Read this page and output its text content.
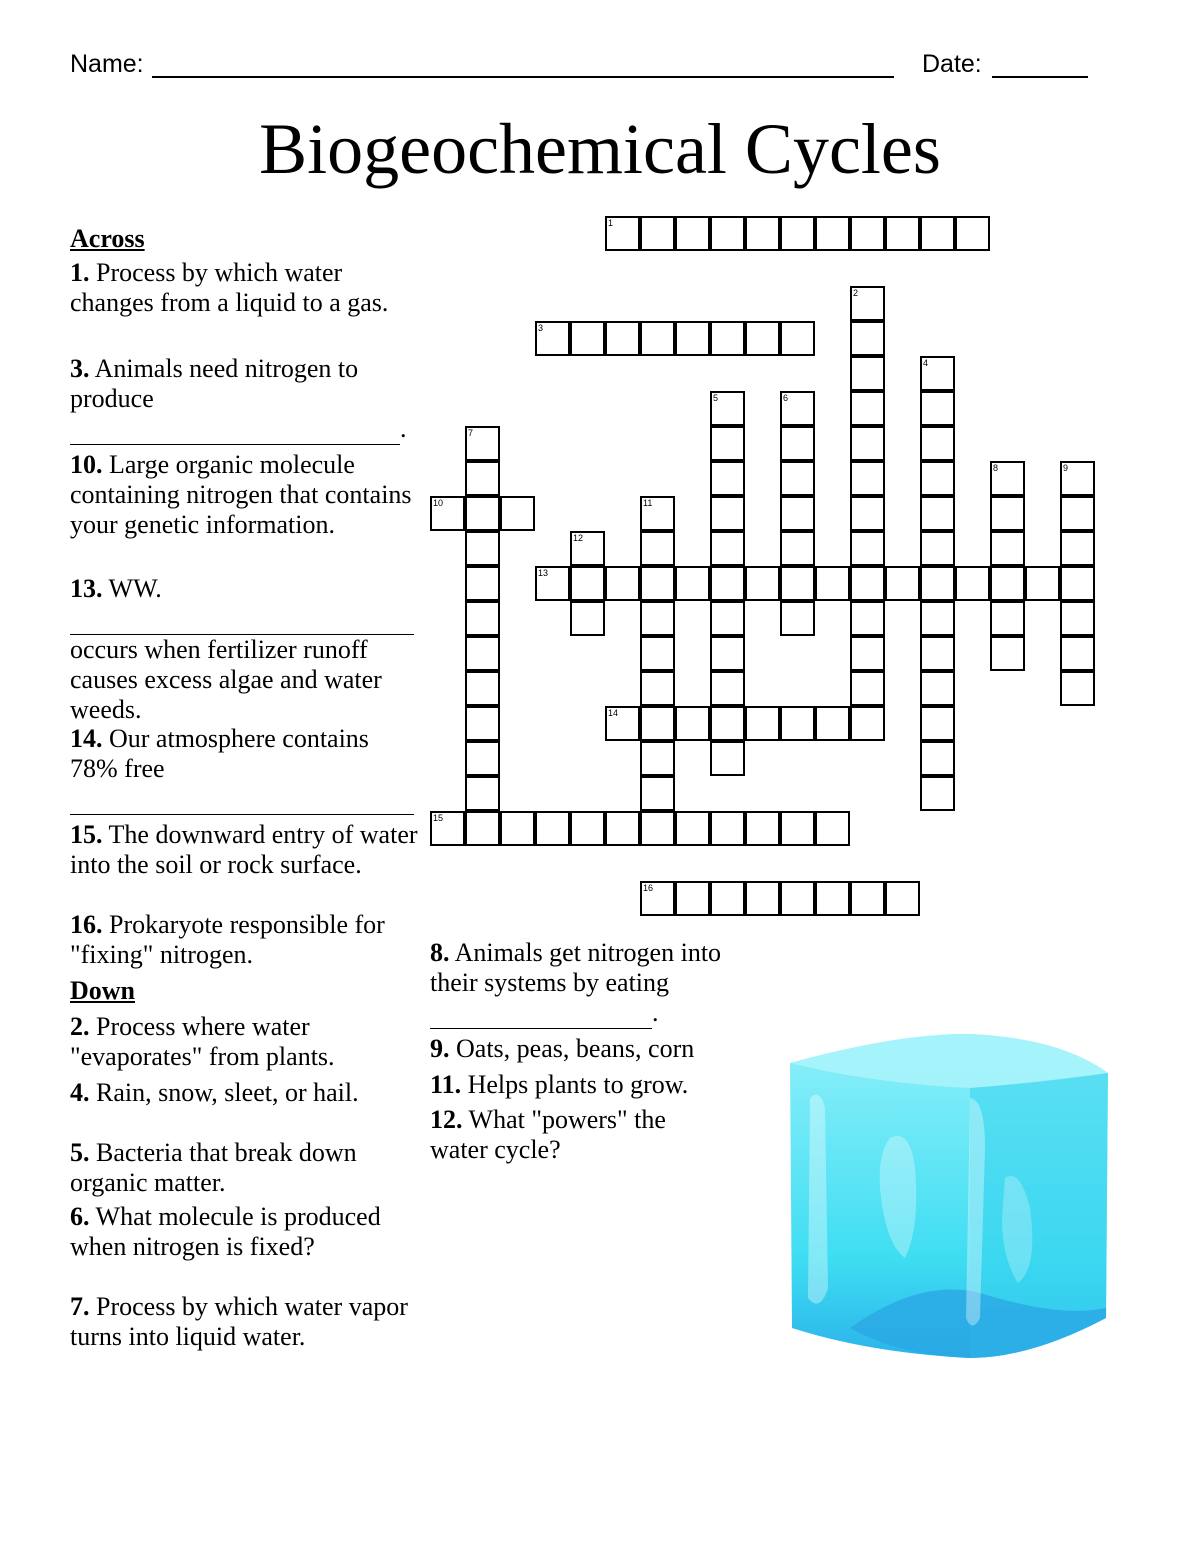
Name:	Date:
Biogeochemical Cycles
Across
1. Process by which water changes from a liquid to a gas.
3. Animals need nitrogen to produce
.
10. Large organic molecule containing nitrogen that contains your genetic information.
13. WW.
occurs when fertilizer runoff causes excess algae and water weeds.
14. Our atmosphere contains 78% free
15. The downward entry of water into the soil or rock surface.
16. Prokaryote responsible for "fixing" nitrogen.
Down
2. Process where water "evaporates" from plants.
4. Rain, snow, sleet, or hail.
5. Bacteria that break down organic matter.
6. What molecule is produced when nitrogen is fixed?
7. Process by which water vapor turns into liquid water.
8. Animals get nitrogen into their systems by eating
.
9. Oats, peas, beans, corn
11. Helps plants to grow.
12. What "powers" the water cycle?
1
2
3
4
5	6
7
8	9
10	11
12
13
14
15
16
